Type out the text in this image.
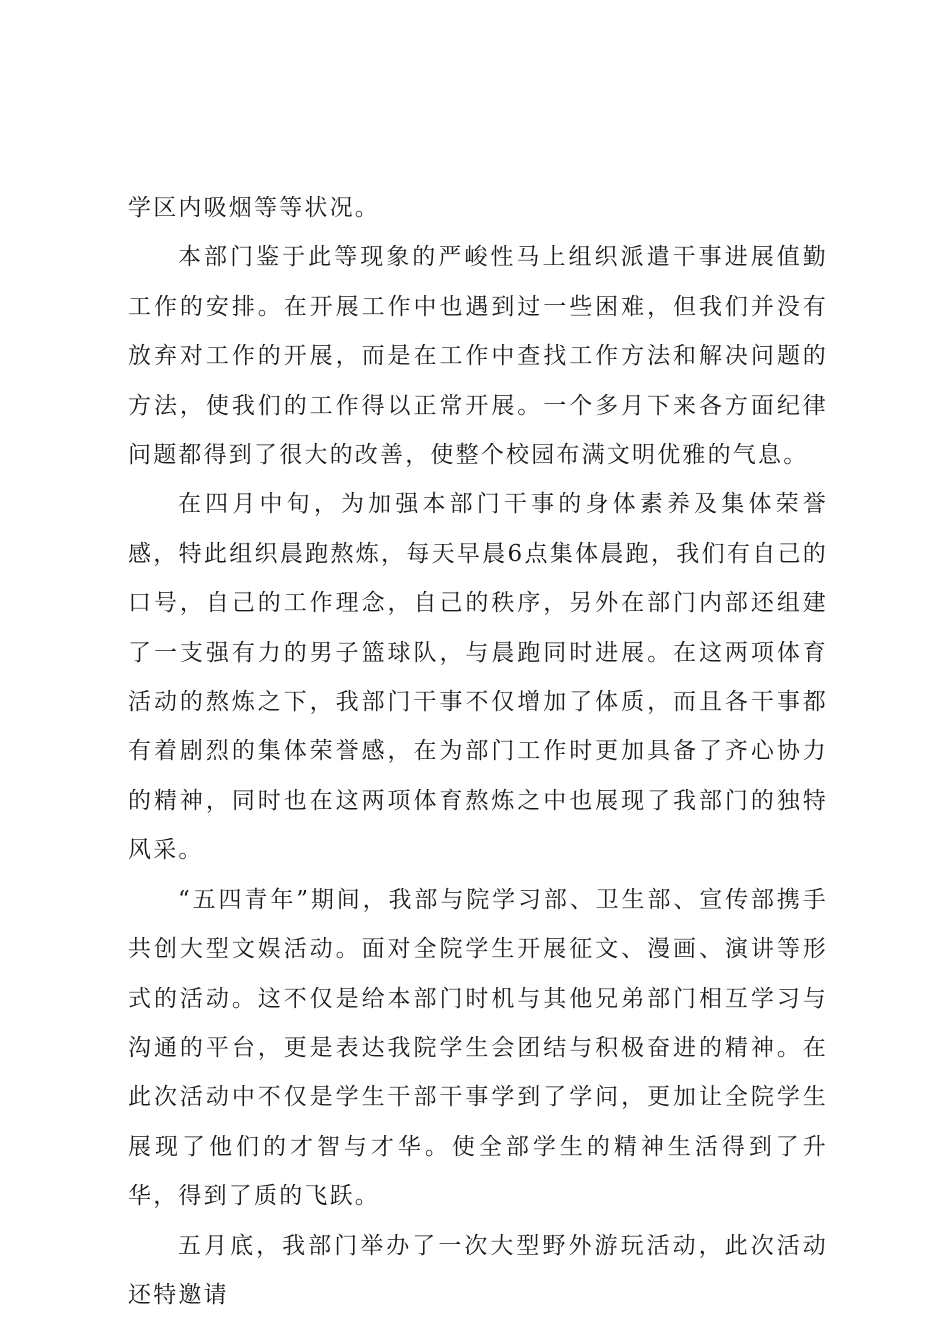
学区内吸烟等等状况。

本部门鉴于此等现象的严峻性马上组织派遣干事进展值勤工作的安排。在开展工作中也遇到过一些困难，但我们并没有放弃对工作的开展，而是在工作中查找工作方法和解决问题的方法，使我们的工作得以正常开展。一个多月下来各方面纪律问题都得到了很大的改善，使整个校园布满文明优雅的气息。

在四月中旬，为加强本部门干事的身体素养及集体荣誉感，特此组织晨跑熬炼，每天早晨6点集体晨跑，我们有自己的口号，自己的工作理念，自己的秩序，另外在部门内部还组建了一支强有力的男子篮球队，与晨跑同时进展。在这两项体育活动的熬炼之下，我部门干事不仅增加了体质，而且各干事都有着剧烈的集体荣誉感，在为部门工作时更加具备了齐心协力的精神，同时也在这两项体育熬炼之中也展现了我部门的独特风采。

“五四青年”期间，我部与院学习部、卫生部、宣传部携手共创大型文娱活动。面对全院学生开展征文、漫画、演讲等形式的活动。这不仅是给本部门时机与其他兄弟部门相互学习与沟通的平台，更是表达我院学生会团结与积极奋进的精神。在此次活动中不仅是学生干部干事学到了学问，更加让全院学生展现了他们的才智与才华。使全部学生的精神生活得到了升华，得到了质的飞跃。

五月底，我部门举办了一次大型野外游玩活动，此次活动还特邀请
